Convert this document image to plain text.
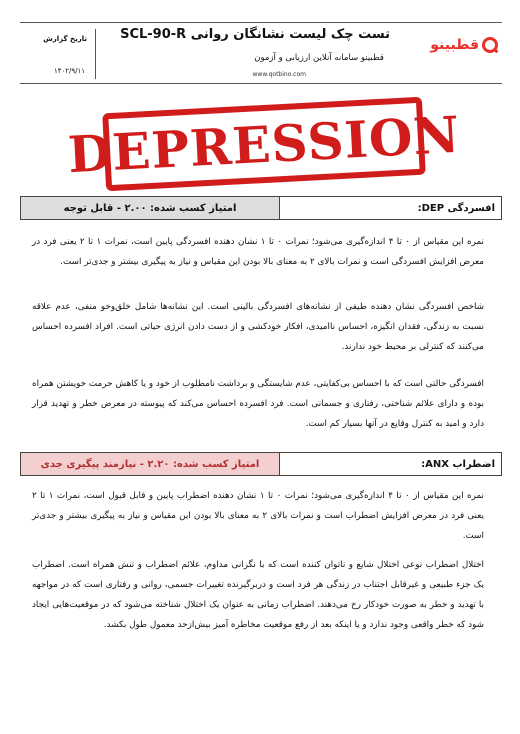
قطبینو
تست چک لیست نشانگان روانی SCL-90-R
قطبینو سامانه آنلاین ارزیابی و آزمون
www.qotbino.com
تاریخ گزارش
۱۴۰۲/۹/۱۱
DEPRESSION
افسردگی DEP:
امتیاز کسب شده: ۲.۰۰ - قابل توجه

نمره این مقیاس از ۰ تا ۴ اندازه‌گیری می‌شود؛ نمرات ۰ تا ۱ نشان دهنده افسردگی پایین است، نمرات ۱ تا ۲ یعنی فرد در معرض افزایش افسردگی است و نمرات بالای ۲ به معنای بالا بودن این مقیاس و نیاز به پیگیری بیشتر و جدی‌تر است.

شاخص افسردگی نشان دهنده طیفی از نشانه‌های افسردگی بالینی است. این نشانه‌ها شامل خلق‌وخو منفی، عدم علاقه نسبت به زندگی، فقدان انگیزه، احساس ناامیدی، افکار خودکشی و از دست دادن انرژی حیاتی است. افراد افسرده احساس می‌کنند که کنترلی بر محیط خود ندارند.

افسردگی حالتی است که با احساس بی‌کفایتی، عدم شایستگی و برداشت نامطلوب از خود و یا کاهش حرمت خویشتن همراه بوده و دارای علائم شناختی، رفتاری و جسمانی است. فرد افسرده احساس می‌کند که پیوسته در معرض خطر و تهدید قرار دارد و امید به کنترل وقایع در آنها بسیار کم است.

اضطراب ANX:
امتیاز کسب شده: ۲.۲۰ - نیازمند پیگیری جدی

نمره این مقیاس از ۰ تا ۴ اندازه‌گیری می‌شود؛ نمرات ۰ تا ۱ نشان دهنده اضطراب پایین و قابل قبول است، نمرات ۱ تا ۲ یعنی فرد در معرض افزایش اضطراب است و نمرات بالای ۲ به معنای بالا بودن این مقیاس و نیاز به پیگیری بیشتر و جدی‌تر است.

اختلال اضطراب نوعی اختلال شایع و ناتوان کننده است که با نگرانی مداوم، علائم اضطراب و تنش همراه است. اضطراب یک جزء طبیعی و غیرقابل اجتناب در زندگی هر فرد است و دربرگیرنده تغییرات جسمی، روانی و رفتاری است که در مواجهه با تهدید و خطر به صورت خودکار رخ می‌دهند. اضطراب زمانی به عنوان یک اختلال شناخته می‌شود که در موقعیت‌هایی ایجاد شود که خطر واقعی وجود ندارد و یا اینکه بعد از رفع موقعیت مخاطره آمیز بیش‌ازحد معمول طول بکشد.
